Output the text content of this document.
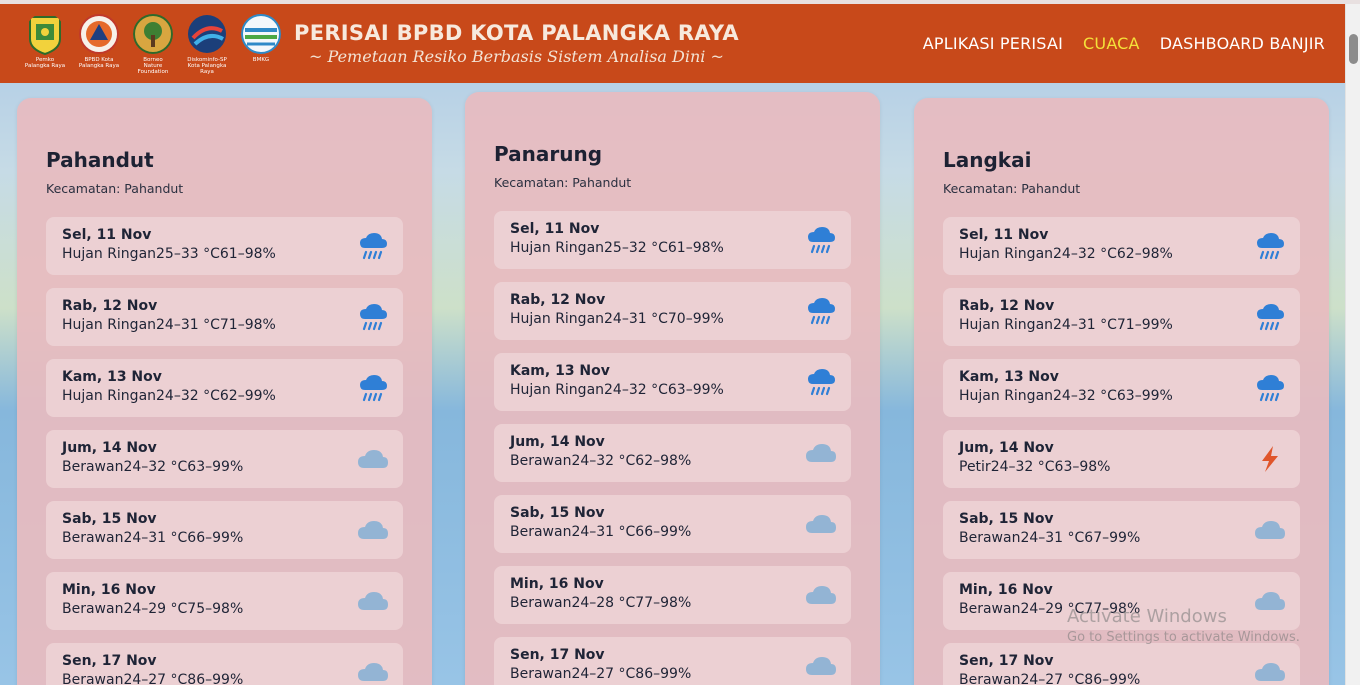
Pemko
Palangka Raya
BPBD Kota
Palangka Raya
Borneo
Nature
Foundation
Diskominfo-SP
Kota Palangka Raya
BMKG
PERISAI BPBD KOTA PALANGKA RAYA
~ Pemetaan Resiko Berbasis Sistem Analisa Dini ~
APLIKASI PERISAI CUACA DASHBOARD BANJIR
Pahandut
Kecamatan: Pahandut
Sel, 11 Nov
Hujan Ringan25–33 °C61–98%
Rab, 12 Nov
Hujan Ringan24–31 °C71–98%
Kam, 13 Nov
Hujan Ringan24–32 °C62–99%
Jum, 14 Nov
Berawan24–32 °C63–99%
Sab, 15 Nov
Berawan24–31 °C66–99%
Min, 16 Nov
Berawan24–29 °C75–98%
Sen, 17 Nov
Berawan24–27 °C86–99%
Panarung
Kecamatan: Pahandut
Sel, 11 Nov
Hujan Ringan25–32 °C61–98%
Rab, 12 Nov
Hujan Ringan24–31 °C70–99%
Kam, 13 Nov
Hujan Ringan24–32 °C63–99%
Jum, 14 Nov
Berawan24–32 °C62–98%
Sab, 15 Nov
Berawan24–31 °C66–99%
Min, 16 Nov
Berawan24–28 °C77–98%
Sen, 17 Nov
Berawan24–27 °C86–99%
Langkai
Kecamatan: Pahandut
Sel, 11 Nov
Hujan Ringan24–32 °C62–98%
Rab, 12 Nov
Hujan Ringan24–31 °C71–99%
Kam, 13 Nov
Hujan Ringan24–32 °C63–99%
Jum, 14 Nov
Petir24–32 °C63–98%
Sab, 15 Nov
Berawan24–31 °C67–99%
Min, 16 Nov
Berawan24–29 °C77–98%
Sen, 17 Nov
Berawan24–27 °C86–99%
Activate Windows
Go to Settings to activate Windows.
